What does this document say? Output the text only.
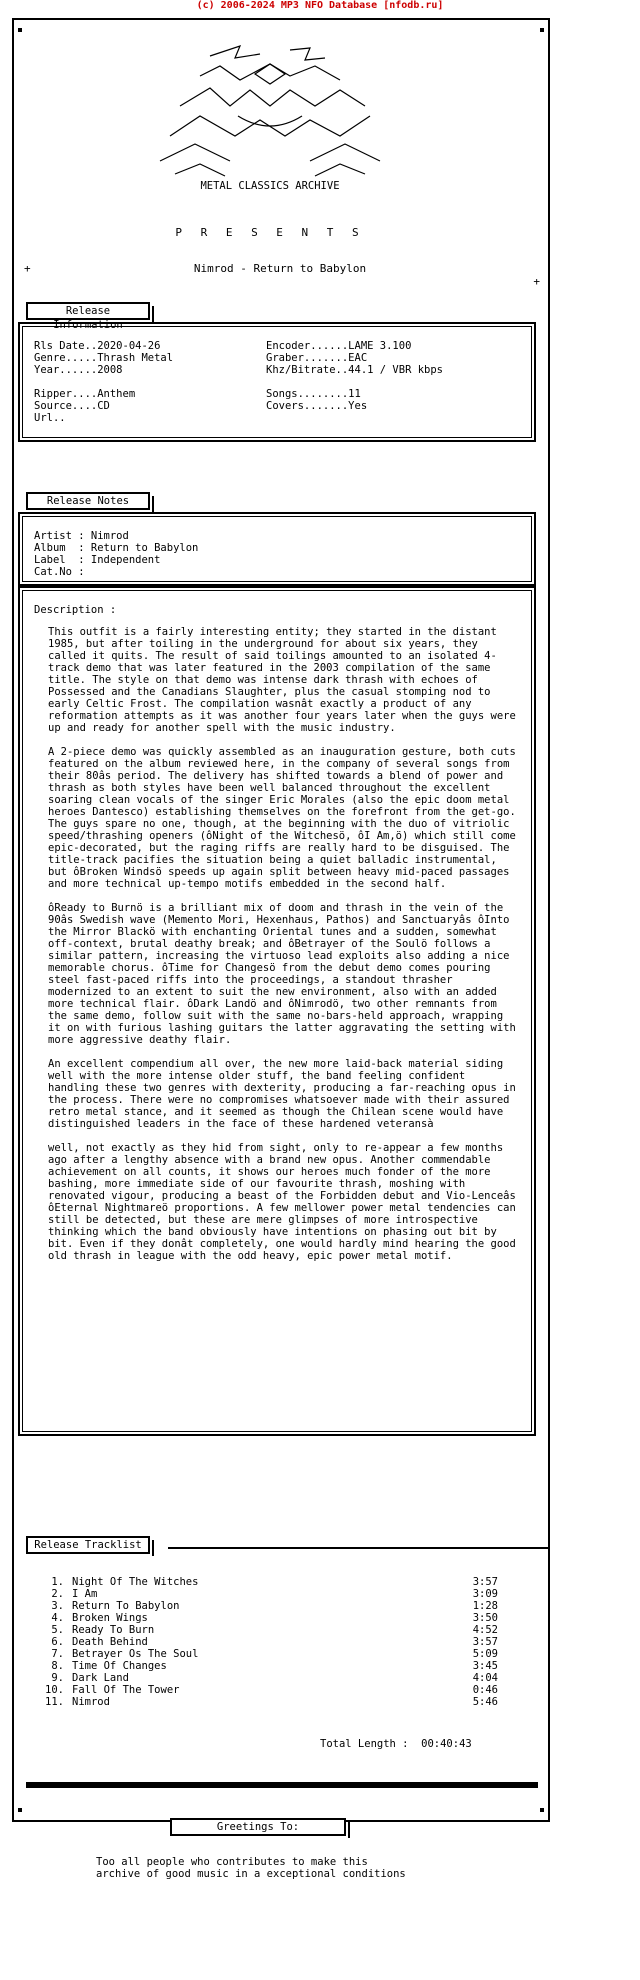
(c) 2006-2024 MP3 NFO Database [nfodb.ru]
METAL CLASSICS ARCHIVE
P R E S E N T S
+	Nimrod - Return to Babylon
+
Release Information
Rls Date..2020-04-26
Genre.....Thrash Metal
Year......2008

Ripper....Anthem
Source....CD
Url..
Encoder......LAME 3.100
Graber.......EAC
Khz/Bitrate..44.1 / VBR kbps

Songs........11
Covers.......Yes
Release Notes
Artist : Nimrod
Album  : Return to Babylon
Label  : Independent
Cat.No :
Description :

This outfit is a fairly interesting entity; they started in the distant 1985, but after toiling in the underground for about six years, they called it quits. The result of said toilings amounted to an isolated 4-track demo that was later featured in the 2003 compilation of the same title. The style on that demo was intense dark thrash with echoes of Possessed and the Canadians Slaughter, plus the casual stomping nod to early Celtic Frost. The compilation wasnât exactly a product of any reformation attempts as it was another four years later when the guys were up and ready for another spell with the music industry.

A 2-piece demo was quickly assembled as an inauguration gesture, both cuts featured on the album reviewed here, in the company of several songs from their 80âs period. The delivery has shifted towards a blend of power and thrash as both styles have been well balanced throughout the excellent soaring clean vocals of the singer Eric Morales (also the epic doom metal heroes Dantesco) establishing themselves on the forefront from the get-go. The guys spare no one, though, at the beginning with the duo of vitriolic speed/thrashing openers (ôNight of the Witchesö, ôI Am,ö) which still come epic-decorated, but the raging riffs are really hard to be disguised. The title-track pacifies the situation being a quiet balladic instrumental, but ôBroken Windsö speeds up again split between heavy mid-paced passages and more technical up-tempo motifs embedded in the second half.

ôReady to Burnö is a brilliant mix of doom and thrash in the vein of the 90âs Swedish wave (Memento Mori, Hexenhaus, Pathos) and Sanctuaryâs ôInto the Mirror Blackö with enchanting Oriental tunes and a sudden, somewhat off-context, brutal deathy break; and ôBetrayer of the Soulö follows a similar pattern, increasing the virtuoso lead exploits also adding a nice memorable chorus. ôTime for Changesö from the debut demo comes pouring steel fast-paced riffs into the proceedings, a standout thrasher modernized to an extent to suit the new environment, also with an added more technical flair. ôDark Landö and ôNimrodö, two other remnants from the same demo, follow suit with the same no-bars-held approach, wrapping it on with furious lashing guitars the latter aggravating the setting with more aggressive deathy flair.

An excellent compendium all over, the new more laid-back material siding well with the more intense older stuff, the band feeling confident handling these two genres with dexterity, producing a far-reaching opus in the process. There were no compromises whatsoever made with their assured retro metal stance, and it seemed as though the Chilean scene would have distinguished leaders in the face of these hardened veteransà

well, not exactly as they hid from sight, only to re-appear a few months ago after a lengthy absence with a brand new opus. Another commendable achievement on all counts, it shows our heroes much fonder of the more bashing, more immediate side of our favourite thrash, moshing with renovated vigour, producing a beast of the Forbidden debut and Vio-Lenceâs ôEternal Nightmareö proportions. A few mellower power metal tendencies can still be detected, but these are mere glimpses of more introspective thinking which the band obviously have intentions on phasing out bit by bit. Even if they donât completely, one would hardly mind hearing the good old thrash in league with the odd heavy, epic power metal motif.

Release Tracklist
1. Night Of The Witches	3:57
2. I Am	3:09
3. Return To Babylon	1:28
4. Broken Wings	3:50
5. Ready To Burn	4:52
6. Death Behind	3:57
7. Betrayer Os The Soul	5:09
8. Time Of Changes	3:45
9. Dark Land	4:04
10. Fall Of The Tower	0:46
11. Nimrod	5:46
Total Length :  00:40:43
Greetings To:
Too all people who contributes to make this
archive of good music in a exceptional conditions
